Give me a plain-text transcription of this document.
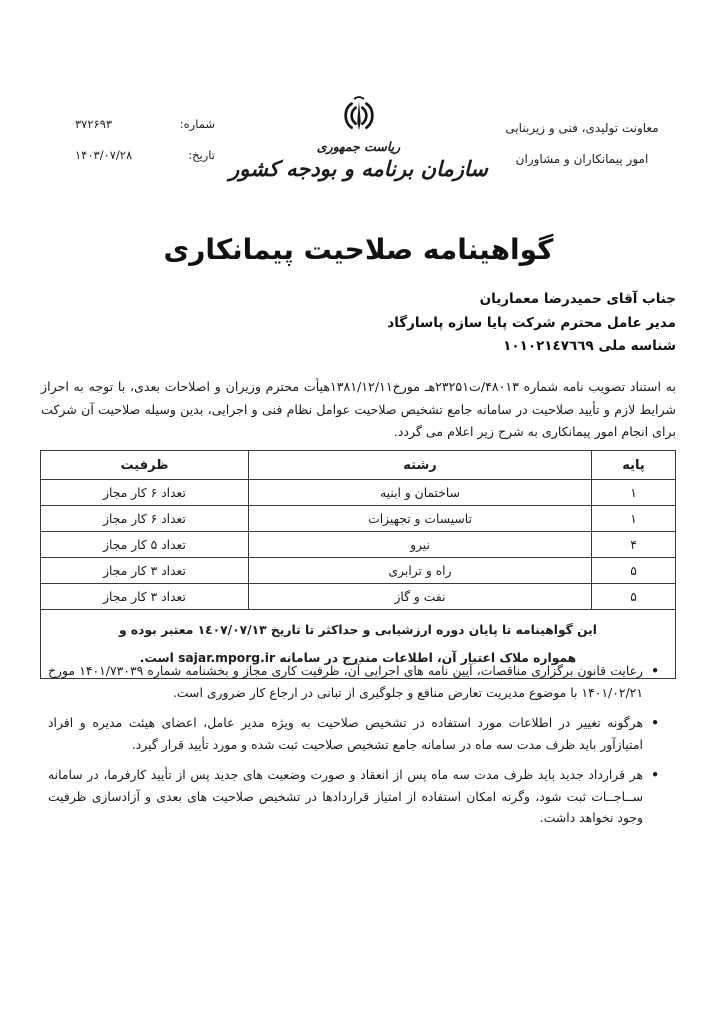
معاونت تولیدی، فنی و زیربنایی
امور پیمانکاران و مشاوران
ریاست جمهوری
سازمان برنامه و بودجه کشور
شماره:
۳۷۲۶۹۳
تاریخ:
۱۴۰۳/۰۷/۲۸
گواهینامه صلاحیت پیمانکاری
جناب آقای حمیدرضا معماریان
مدیر عامل محترم شرکت پایا سازه پاسارگاد
شناسه ملی ١٠١٠٢١٤٧٦٦٩

به استناد تصویب نامه شماره ۴۸۰۱۳/ت۲۳۲۵۱هـ مورخ۱۳۸۱/۱۲/۱۱هیأت محترم وزیران و اصلاحات بعدی، با توجه به احراز شرایط لازم و تأیید صلاحیت در سامانه جامع تشخیص صلاحیت عوامل نظام فنی و اجرایی، بدین وسیله صلاحیت آن شرکت برای انجام امور پیمانکاری به شرح زیر اعلام می گردد.

پایه	رشته	ظرفیت
۱	ساختمان و ابنیه	تعداد ۶ کار مجاز
۱	تاسیسات و تجهیزات	تعداد ۶ کار مجاز
۴	نیرو	تعداد ۵ کار مجاز
۵	راه و ترابری	تعداد ۳ کار مجاز
۵	نفت و گاز	تعداد ۳ کار مجاز

این گواهینامه تا پایان دوره ارزشیابی و حداکثر تا تاریخ ١٤٠٧/٠٧/١٣ معتبر بوده و
همواره ملاک اعتبار آن، اطلاعات مندرج در سامانه sajar.mporg.ir است.		
•
رعایت قانون برگزاری مناقصات، آیین نامه های اجرایی آن، ظرفیت کاری مجاز و بخشنامه شماره ۱۴۰۱/۷۳۰۳۹ مورخ ۱۴۰۱/۰۲/۲۱ با موضوع مدیریت تعارض منافع و جلوگیری از تبانی در ارجاع کار ضروری است.
•
هرگونه تغییر در اطلاعات مورد استفاده در تشخیص صلاحیت به ویژه مدیر عامل، اعضای هیئت مدیره و افراد امتیازآور باید ظرف مدت سه ماه در سامانه جامع تشخیص صلاحیت ثبت شده و مورد تأیید قرار گیرد.
•
هر قرارداد جدید باید ظرف مدت سه ماه پس از انعقاد و صورت وضعیت های جدید پس از تأیید کارفرما، در سامانه ســاجــات ثبت شود، وگرنه امکان استفاده از امتیاز قراردادها در تشخیص صلاحیت های بعدی و آزادسازی ظرفیت وجود نخواهد داشت.
